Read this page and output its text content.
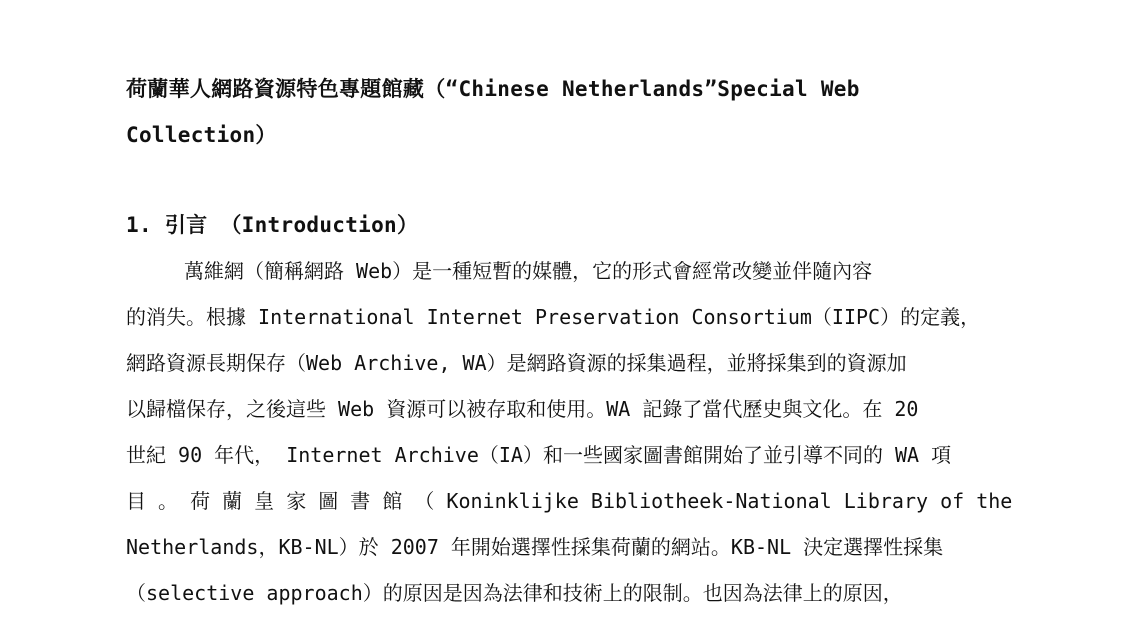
荷蘭華人網路資源特色專題館藏（“Chinese Netherlands”Special Web
Collection）
1. 引言 （Introduction）
萬維網（簡稱網路 Web）是一種短暫的媒體，它的形式會經常改變並伴隨內容
的消失。根據 International Internet Preservation Consortium（IIPC）的定義，
網路資源長期保存（Web Archive, WA）是網路資源的採集過程，並將採集到的資源加
以歸檔保存，之後這些 Web 資源可以被存取和使用。WA 記錄了當代歷史與文化。在 20
世紀 90 年代， Internet Archive（IA）和一些國家圖書館開始了並引導不同的 WA 項
目 。 荷 蘭 皇 家 圖 書 館 （ Koninklijke Bibliotheek-National Library of the
Netherlands，KB-NL）於 2007 年開始選擇性採集荷蘭的網站。KB-NL 決定選擇性採集
（selective approach）的原因是因為法律和技術上的限制。也因為法律上的原因，
